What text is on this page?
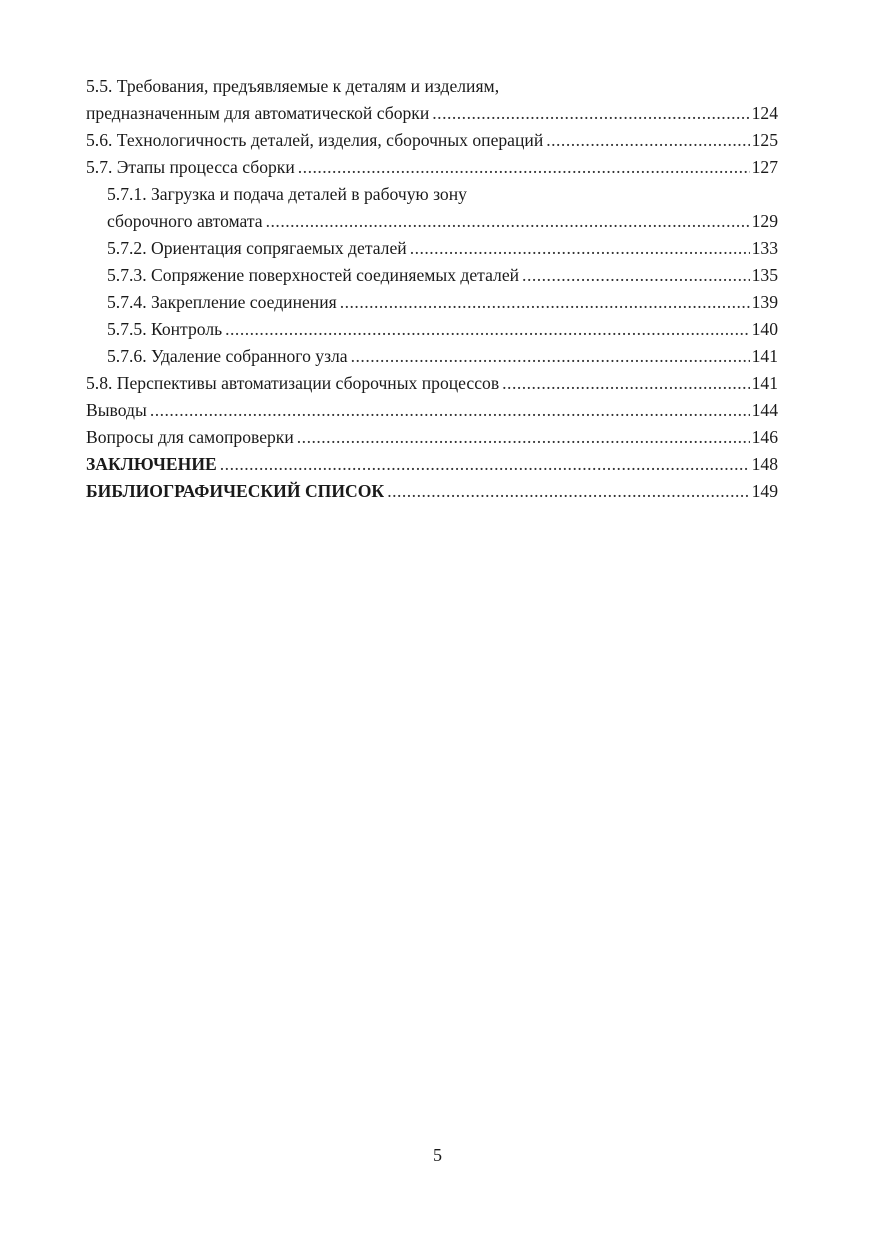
5.5. Требования, предъявляемые к деталям и изделиям,
предназначенным для автоматической сборки .....	124
5.6. Технологичность деталей, изделия, сборочных операций .....	125
5.7. Этапы процесса сборки .....	127
5.7.1. Загрузка и подача деталей в рабочую зону
сборочного автомата .....	129
5.7.2. Ориентация сопрягаемых деталей .....	133
5.7.3. Сопряжение поверхностей соединяемых деталей .....	135
5.7.4. Закрепление соединения .....	139
5.7.5. Контроль .....	140
5.7.6. Удаление собранного узла .....	141
5.8. Перспективы автоматизации сборочных процессов .....	141
Выводы .....	144
Вопросы для самопроверки .....	146
ЗАКЛЮЧЕНИЕ .....	148
БИБЛИОГРАФИЧЕСКИЙ СПИСОК .....	149
5
